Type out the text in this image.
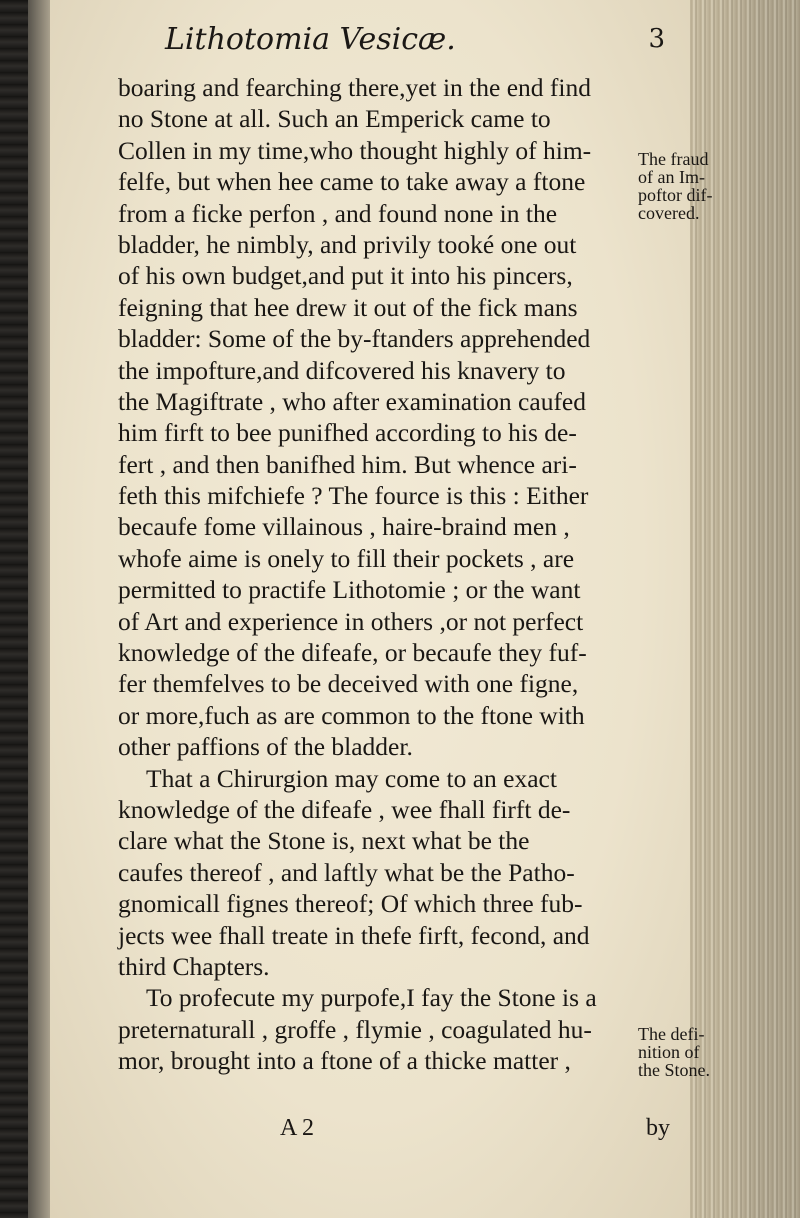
Lithotomia Vesicæ.	3
boaring and fearching there,yet in the end find
no Stone at all. Such an Emperick came to
Collen in my time,who thought highly of him-
felfe, but when hee came to take away a ftone
from a ficke perfon , and found none in the
bladder, he nimbly, and privily tooké one out
of his own budget,and put it into his pincers,
feigning that hee drew it out of the fick mans
bladder: Some of the by-ftanders apprehended
the impofture,and difcovered his knavery to
the Magiftrate , who after examination caufed
him firft to bee punifhed according to his de-
fert , and then banifhed him. But whence ari-
feth this mifchiefe ? The fource is this : Either
becaufe fome villainous , haire-braind men ,
whofe aime is onely to fill their pockets , are
permitted to practife Lithotomie ; or the want
of Art and experience in others ,or not perfect
knowledge of the difeafe, or becaufe they fuf-
fer themfelves to be deceived with one figne,
or more,fuch as are common to the ftone with
other paffions of the bladder.
That a Chirurgion may come to an exact
knowledge of the difeafe , wee fhall firft de-
clare what the Stone is, next what be the
caufes thereof , and laftly what be the Patho-
gnomicall fignes thereof; Of which three fub-
jects wee fhall treate in thefe firft, fecond, and
third Chapters.
To profecute my purpofe,I fay the Stone is a
preternaturall , groffe , flymie , coagulated hu-
mor, brought into a ftone of a thicke matter ,
A 2	by
The fraud
of an Im-
poftor dif-
covered.
The defi-
nition of
the Stone.
